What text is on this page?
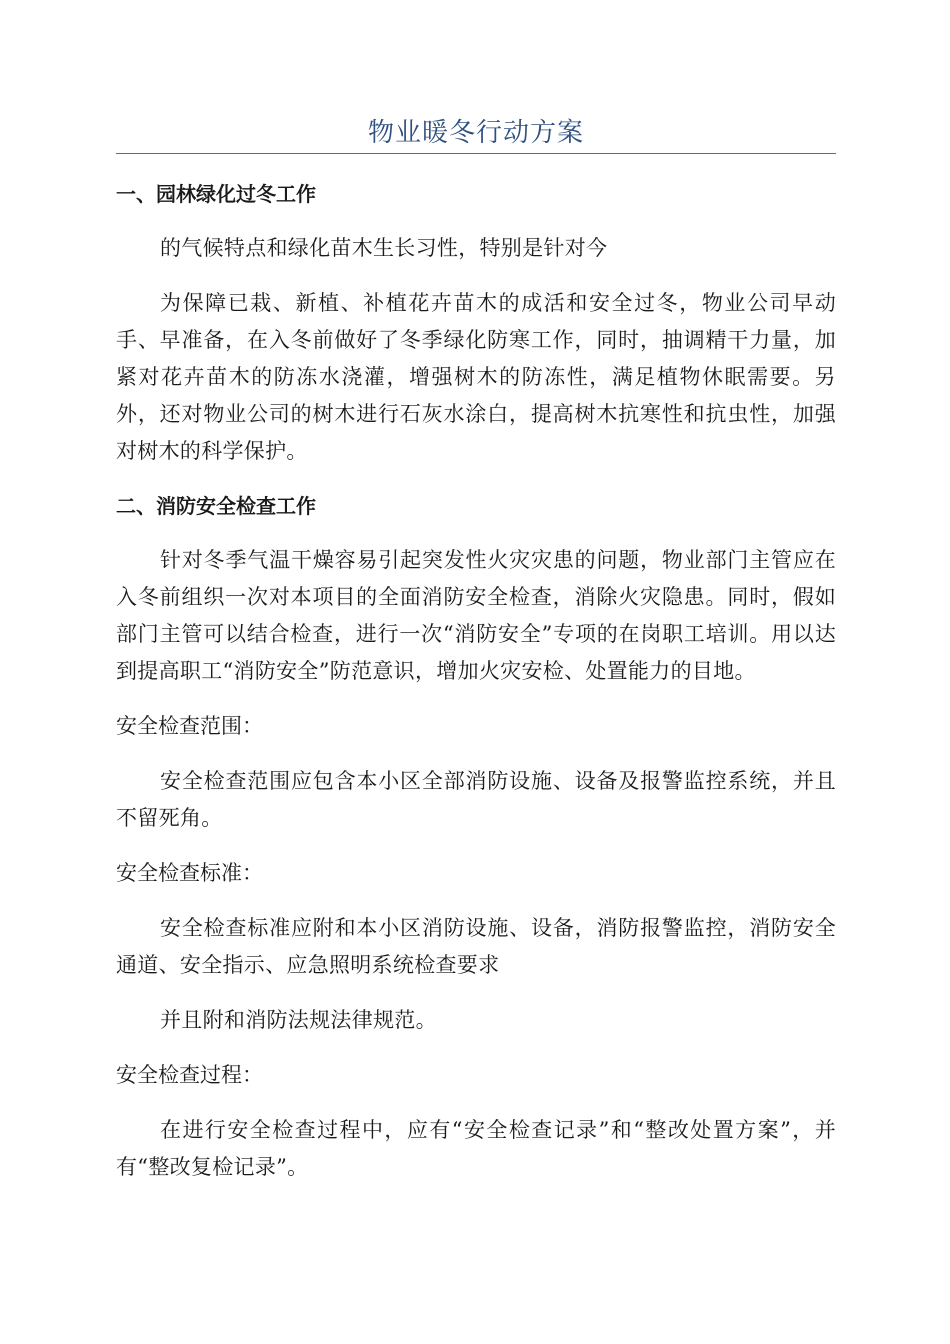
物业暖冬行动方案

一、园林绿化过冬工作

的气候特点和绿化苗木生长习性，特别是针对今

为保障已栽、新植、补植花卉苗木的成活和安全过冬，物业公司早动手、早准备，在入冬前做好了冬季绿化防寒工作，同时，抽调精干力量，加紧对花卉苗木的防冻水浇灌，增强树木的防冻性，满足植物休眠需要。另外，还对物业公司的树木进行石灰水涂白，提高树木抗寒性和抗虫性，加强对树木的科学保护。

二、消防安全检查工作

针对冬季气温干燥容易引起突发性火灾灾患的问题，物业部门主管应在入冬前组织一次对本项目的全面消防安全检查，消除火灾隐患。同时，假如部门主管可以结合检查，进行一次“消防安全”专项的在岗职工培训。用以达到提高职工“消防安全”防范意识，增加火灾安检、处置能力的目地。

安全检查范围：

安全检查范围应包含本小区全部消防设施、设备及报警监控系统，并且不留死角。

安全检查标准：

安全检查标准应附和本小区消防设施、设备，消防报警监控，消防安全通道、安全指示、应急照明系统检查要求

并且附和消防法规法律规范。

安全检查过程：

在进行安全检查过程中，应有“安全检查记录”和“整改处置方案”，并有“整改复检记录”。
